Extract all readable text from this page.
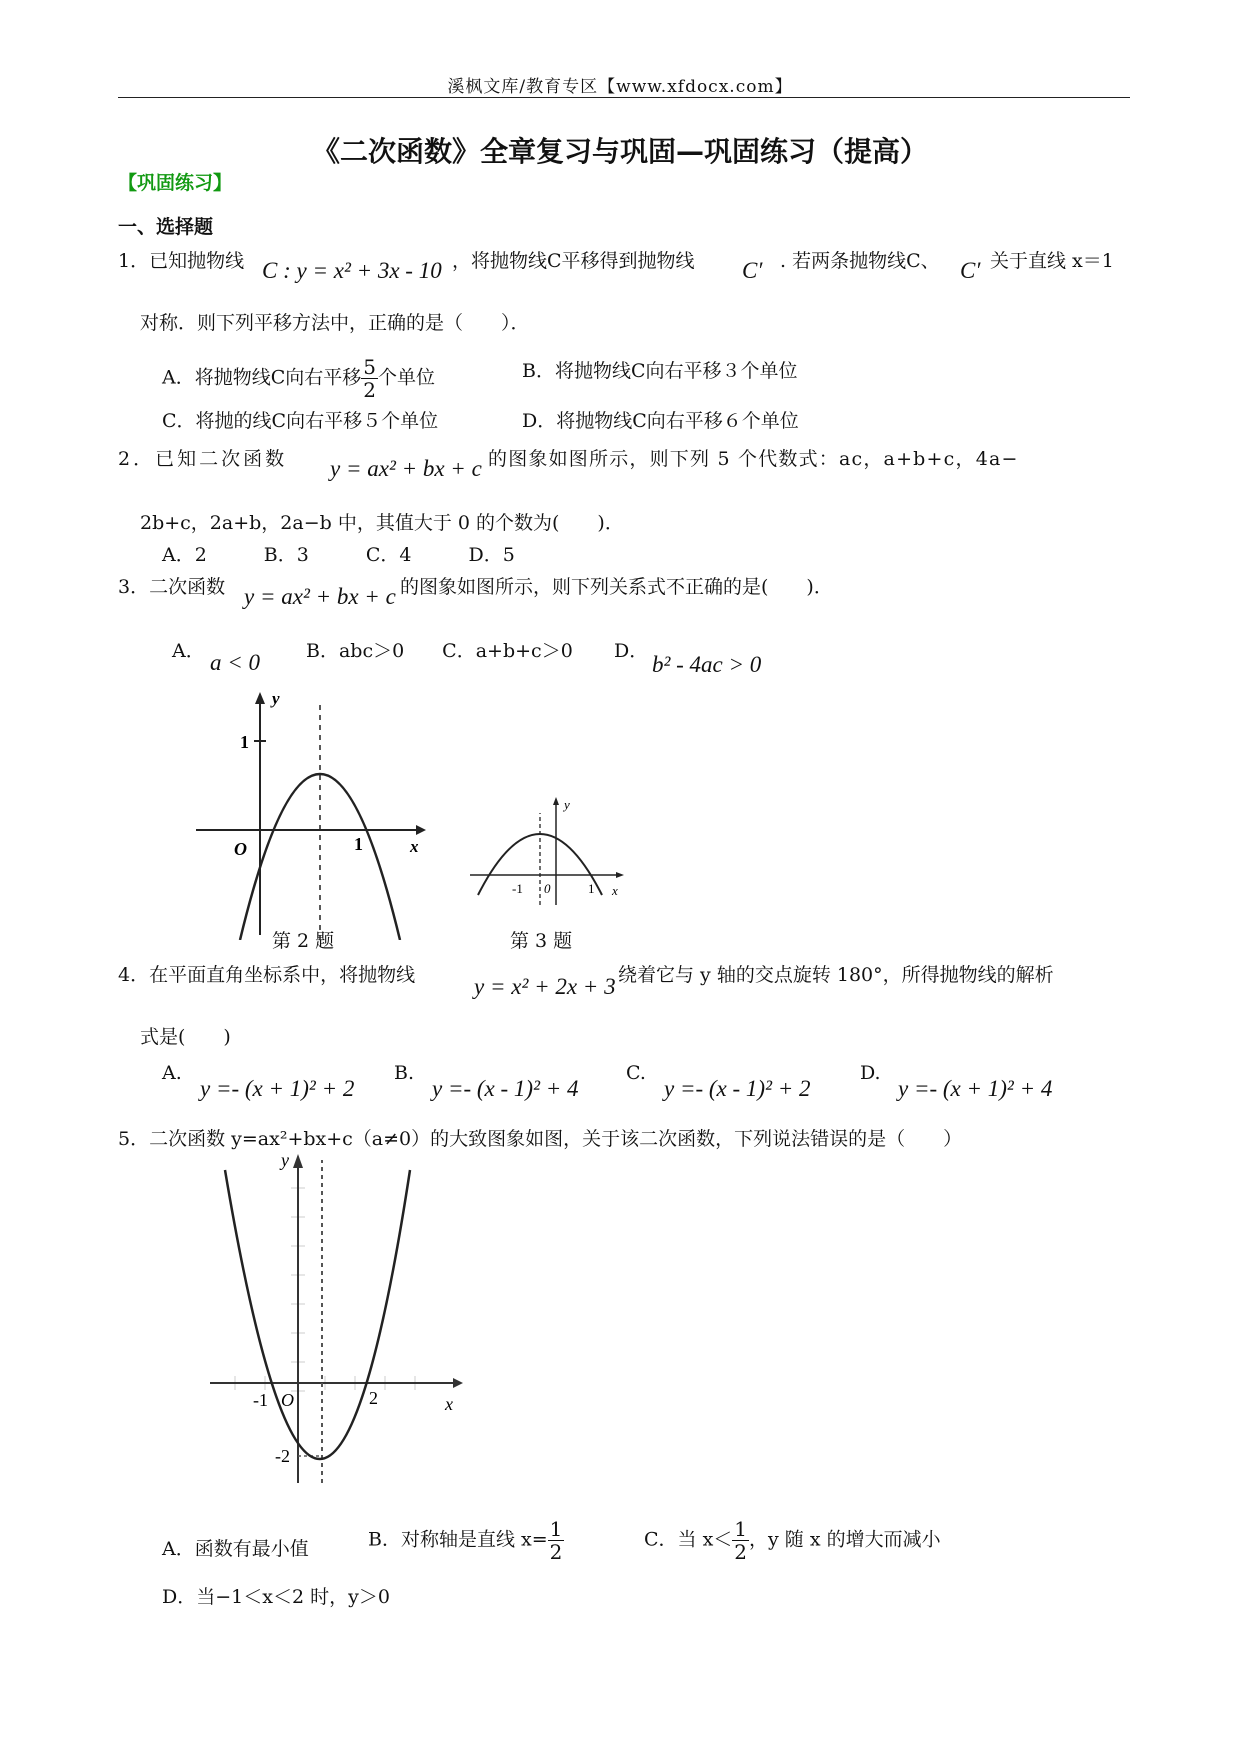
溪枫文库/教育专区【www.xfdocx.com】
《二次函数》全章复习与巩固—巩固练习（提高）
【巩固练习】
一、选择题
1．已知抛物线 C : y = x² + 3x - 10 ，将抛物线C平移得到抛物线 C′ . 若两条抛物线C、 C′ 关于直线 x＝1
对称．则下列平移方法中，正确的是（　　）．
A．将抛物线C向右平移 $\frac{5}{2}$ 个单位	B．将抛物线C向右平移３个单位
C．将抛的线C向右平移５个单位	D．将抛物线C向右平移６个单位
2．已知二次函数 y = ax² + bx + c 的图象如图所示，则下列 5 个代数式：ac，a+b+c，4a−
2b+c，2a+b，2a−b 中，其值大于 0 的个数为(　　)．
A．2　　　B．3　　　C．4　　　D．5
3．二次函数 y = ax² + bx + c 的图象如图所示，则下列关系式不正确的是(　　)．
A． a < 0 B．abc＞0　　C．a+b+c＞0 D．
b² - 4ac > 0
y
x
1
1
O
y
x
-1 0	1
第 2 题	第 3 题
4．在平面直角坐标系中，将抛物线	y = x² + 2x + 3 绕着它与 y 轴的交点旋转 180°，所得抛物线的解析
式是(　　)
A.
y =- (x + 1)² + 2
B.
y =- (x - 1)² + 4
C.
y =- (x - 1)² + 2
D.
y =- (x + 1)² + 4
5．二次函数 y=ax²+bx+c（a≠0）的大致图象如图，关于该二次函数，下列说法错误的是（　　）
y
x
-1 O	2
-2
A．函数有最小值	B．对称轴是直线 $x= \frac{1}{2}$	C．当 $x< \frac{1}{2}$ ，y 随 x 的增大而减小
D．当−1＜x＜2 时，y＞0
